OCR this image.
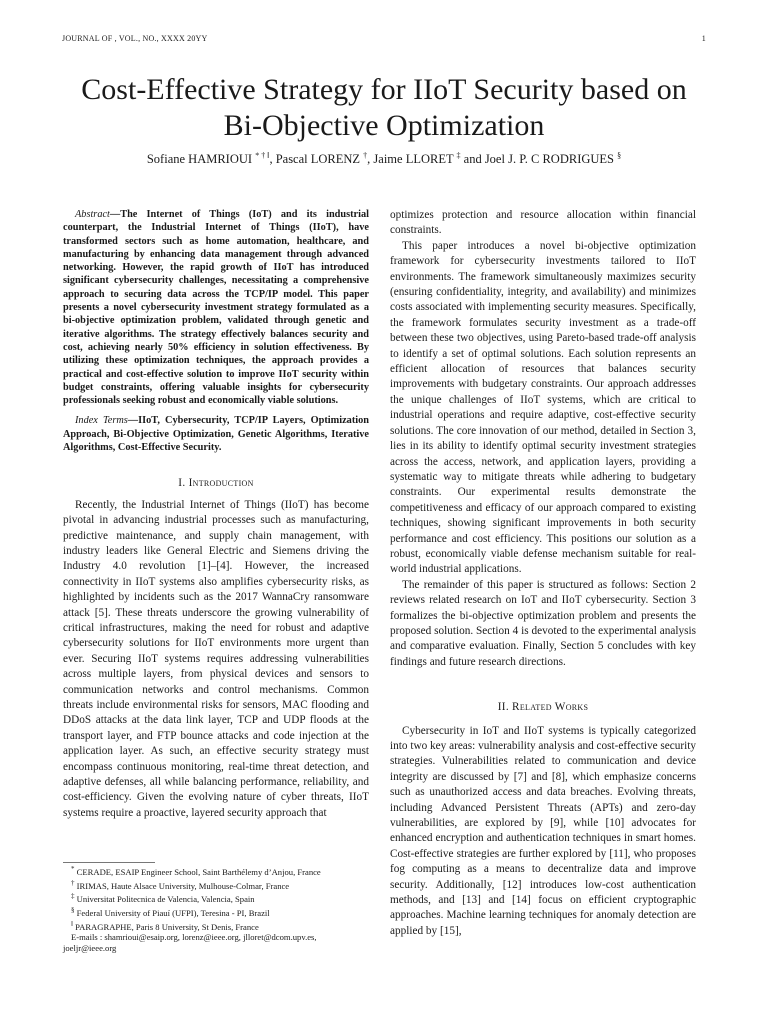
JOURNAL OF , VOL., NO., XXXX 20YY	1
Cost-Effective Strategy for IIoT Security based on
Bi-Objective Optimization
Sofiane HAMRIOUI * † ‖, Pascal LORENZ †, Jaime LLORET ‡ and Joel J. P. C RODRIGUES §

Abstract—The Internet of Things (IoT) and its industrial counterpart, the Industrial Internet of Things (IIoT), have transformed sectors such as home automation, healthcare, and manufacturing by enhancing data management through advanced networking. However, the rapid growth of IIoT has introduced significant cybersecurity challenges, necessitating a comprehensive approach to securing data across the TCP/IP model. This paper presents a novel cybersecurity investment strategy formulated as a bi-objective optimization problem, validated through genetic and iterative algorithms. The strategy effectively balances security and cost, achieving nearly 50% efficiency in solution effectiveness. By utilizing these optimization techniques, the approach provides a practical and cost-effective solution to improve IIoT security within budget constraints, offering valuable insights for cybersecurity professionals seeking robust and economically viable solutions.

Index Terms—IIoT, Cybersecurity, TCP/IP Layers, Optimization Approach, Bi-Objective Optimization, Genetic Algorithms, Iterative Algorithms, Cost-Effective Security.

I. Introduction

Recently, the Industrial Internet of Things (IIoT) has become pivotal in advancing industrial processes such as manufacturing, predictive maintenance, and supply chain management, with industry leaders like General Electric and Siemens driving the Industry 4.0 revolution [1]–[4]. However, the increased connectivity in IIoT systems also amplifies cybersecurity risks, as highlighted by incidents such as the 2017 WannaCry ransomware attack [5]. These threats underscore the growing vulnerability of critical infrastructures, making the need for robust and adaptive cybersecurity solutions for IIoT environments more urgent than ever. Securing IIoT systems requires addressing vulnerabilities across multiple layers, from physical devices and sensors to communication networks and control mechanisms. Common threats include environmental risks for sensors, MAC flooding and DDoS attacks at the data link layer, TCP and UDP floods at the transport layer, and FTP bounce attacks and code injection at the application layer. As such, an effective security strategy must encompass continuous monitoring, real-time threat detection, and adaptive defenses, all while balancing performance, reliability, and cost-efficiency. Given the evolving nature of cyber threats, IIoT systems require a proactive, layered security approach that

optimizes protection and resource allocation within financial constraints.

This paper introduces a novel bi-objective optimization framework for cybersecurity investments tailored to IIoT environments. The framework simultaneously maximizes security (ensuring confidentiality, integrity, and availability) and minimizes costs associated with implementing security measures. Specifically, the framework formulates security investment as a trade-off between these two objectives, using Pareto-based trade-off analysis to identify a set of optimal solutions. Each solution represents an efficient allocation of resources that balances security improvements with budgetary constraints. Our approach addresses the unique challenges of IIoT systems, which are critical to industrial operations and require adaptive, cost-effective security solutions. The core innovation of our method, detailed in Section 3, lies in its ability to identify optimal security investment strategies across the access, network, and application layers, providing a systematic way to mitigate threats while adhering to budgetary constraints. Our experimental results demonstrate the competitiveness and efficacy of our approach compared to existing techniques, showing significant improvements in both security performance and cost efficiency. This positions our solution as a robust, economically viable defense mechanism suitable for real-world industrial applications.

The remainder of this paper is structured as follows: Section 2 reviews related research on IoT and IIoT cybersecurity. Section 3 formalizes the bi-objective optimization problem and presents the proposed solution. Section 4 is devoted to the experimental analysis and comparative evaluation. Finally, Section 5 concludes with key findings and future research directions.

II. Related Works

Cybersecurity in IoT and IIoT systems is typically categorized into two key areas: vulnerability analysis and cost-effective security strategies. Vulnerabilities related to communication and device integrity are discussed by [7] and [8], which emphasize concerns such as unauthorized access and data breaches. Evolving threats, including Advanced Persistent Threats (APTs) and zero-day vulnerabilities, are explored by [9], while [10] advocates for enhanced encryption and authentication techniques in smart homes. Cost-effective strategies are further explored by [11], who proposes fog computing as a means to decentralize data and improve security. Additionally, [12] introduces low-cost authentication methods, and [13] and [14] focus on efficient cryptographic approaches. Machine learning techniques for anomaly detection are applied by [15],

* CERADE, ESAIP Engineer School, Saint Barthélemy d’Anjou, France
† IRIMAS, Haute Alsace University, Mulhouse-Colmar, France
‡ Universitat Politecnica de Valencia, Valencia, Spain
§ Federal University of Piauí (UFPI), Teresina - PI, Brazil
‖ PARAGRAPHE, Paris 8 University, St Denis, France
E-mails : shamrioui@esaip.org, lorenz@ieee.org, jlloret@dcom.upv.es, joeljr@ieee.org
